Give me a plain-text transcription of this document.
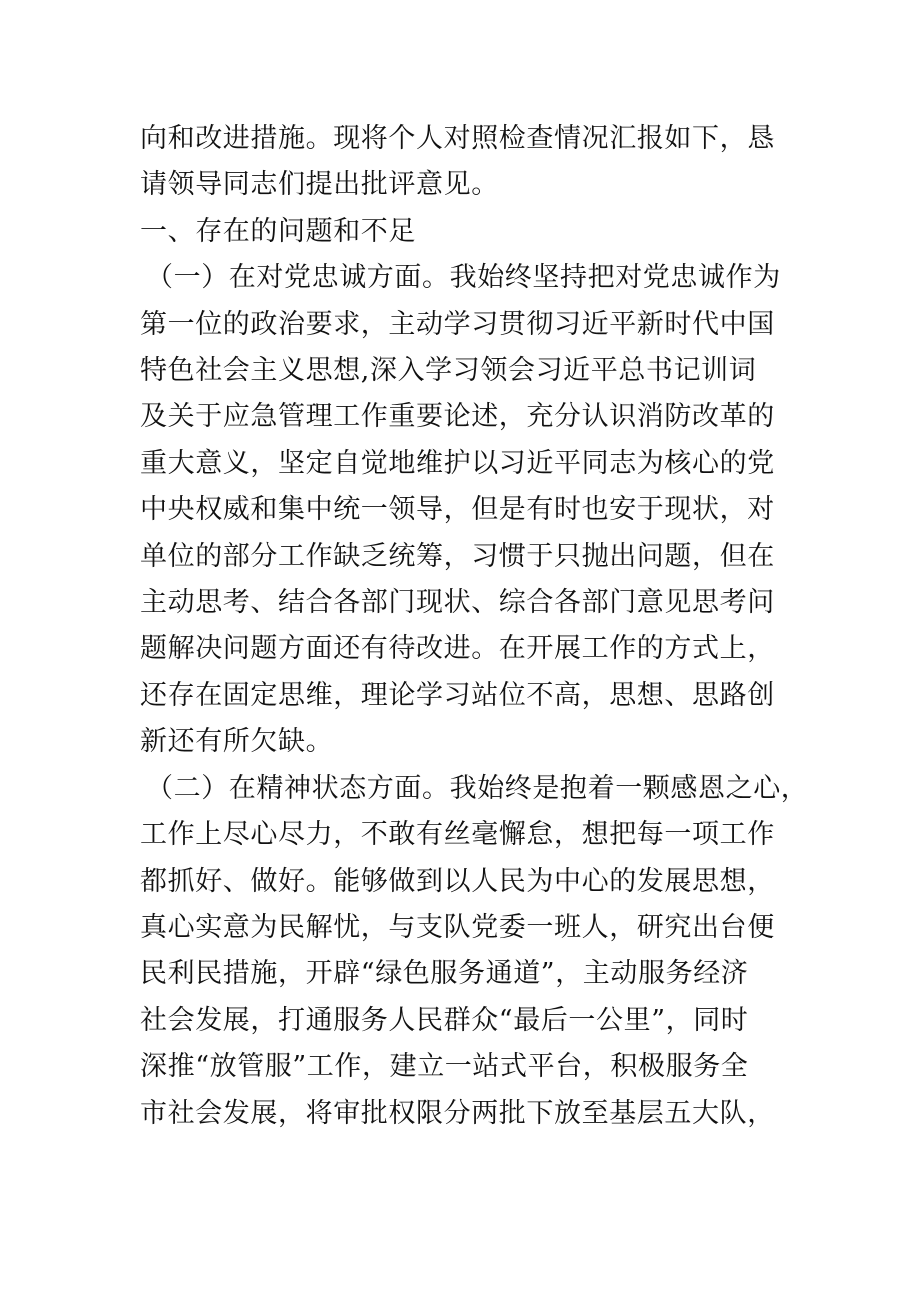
向和改进措施。现将个人对照检查情况汇报如下，恳
请领导同志们提出批评意见。
一、存在的问题和不足
（一）在对党忠诚方面。我始终坚持把对党忠诚作为
第一位的政治要求，主动学习贯彻习近平新时代中国
特色社会主义思想,深入学习领会习近平总书记训词
及关于应急管理工作重要论述，充分认识消防改革的
重大意义，坚定自觉地维护以习近平同志为核心的党
中央权威和集中统一领导，但是有时也安于现状，对
单位的部分工作缺乏统筹，习惯于只抛出问题，但在
主动思考、结合各部门现状、综合各部门意见思考问
题解决问题方面还有待改进。在开展工作的方式上，
还存在固定思维，理论学习站位不高，思想、思路创
新还有所欠缺。
（二）在精神状态方面。我始终是抱着一颗感恩之心，
工作上尽心尽力，不敢有丝毫懈怠，想把每一项工作
都抓好、做好。能够做到以人民为中心的发展思想，
真心实意为民解忧，与支队党委一班人，研究出台便
民利民措施，开辟“绿色服务通道”，主动服务经济
社会发展，打通服务人民群众“最后一公里”，同时
深推“放管服”工作，建立一站式平台，积极服务全
市社会发展，将审批权限分两批下放至基层五大队，
